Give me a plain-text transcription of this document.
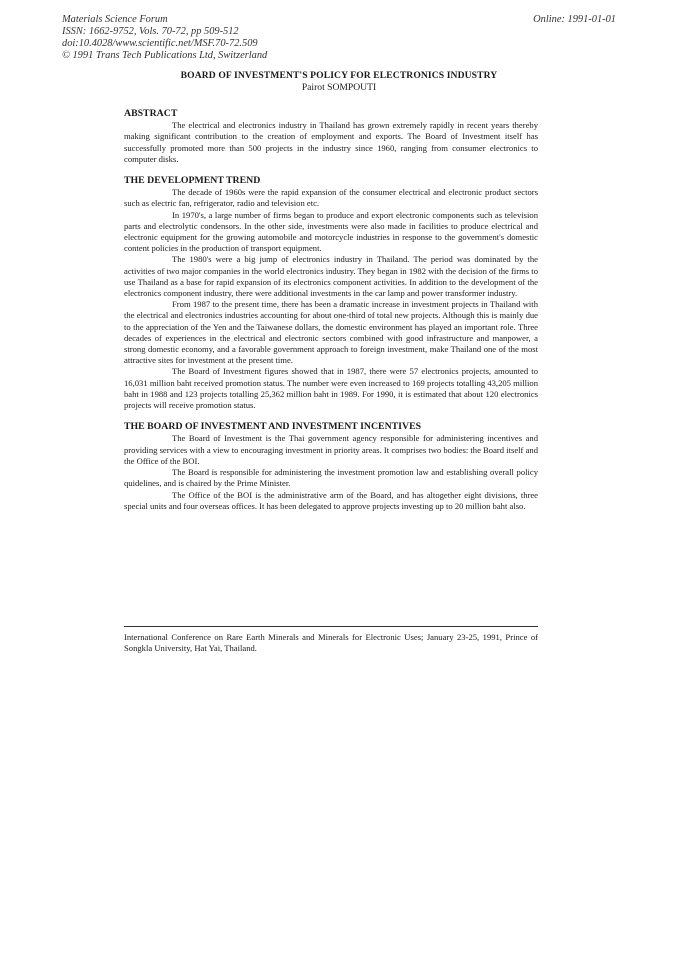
Materials Science Forum
ISSN: 1662-9752, Vols. 70-72, pp 509-512
doi:10.4028/www.scientific.net/MSF.70-72.509
© 1991 Trans Tech Publications Ltd, Switzerland
Online: 1991-01-01
BOARD OF INVESTMENT'S POLICY FOR ELECTRONICS INDUSTRY
Pairot SOMPOUTI
ABSTRACT

The electrical and electronics industry in Thailand has grown extremely rapidly in recent years thereby making significant contribution to the creation of employment and exports. The Board of Investment itself has successfully promoted more than 500 projects in the industry since 1960, ranging from consumer electronics to computer disks.

THE DEVELOPMENT TREND

The decade of 1960s were the rapid expansion of the consumer electrical and electronic product sectors such as electric fan, refrigerator, radio and television etc.

In 1970's, a large number of firms began to produce and export electronic components such as television parts and electrolytic condensors. In the other side, investments were also made in facilities to produce electrical and electronic equipment for the growing automobile and motorcycle industries in response to the government's domestic content policies in the production of transport equipment.

The 1980's were a big jump of electronics industry in Thailand. The period was dominated by the activities of two major companies in the world electronics industry. They began in 1982 with the decision of the firms to use Thailand as a base for rapid expansion of its electronics component activities. In addition to the development of the electronics component industry, there were additional investments in the car lamp and power transformer industry.

From 1987 to the present time, there has been a dramatic increase in investment projects in Thailand with the electrical and electronics industries accounting for about one-third of total new projects. Although this is mainly due to the appreciation of the Yen and the Taiwanese dollars, the domestic environment has played an important role. Three decades of experiences in the electrical and electronic sectors combined with good infrastructure and manpower, a strong domestic economy, and a favorable government approach to foreign investment, make Thailand one of the most attractive sites for investment at the present time.

The Board of Investment figures showed that in 1987, there were 57 electronics projects, amounted to 16,031 million baht received promotion status. The number were even increased to 169 projects totalling 43,205 million baht in 1988 and 123 projects totalling 25,362 million baht in 1989. For 1990, it is estimated that about 120 electronics projects will receive promotion status.

THE BOARD OF INVESTMENT AND INVESTMENT INCENTIVES

The Board of Investment is the Thai government agency responsible for administering incentives and providing services with a view to encouraging investment in priority areas. It comprises two bodies: the Board itself and the Office of the BOI.

The Board is responsible for administering the investment promotion law and establishing overall policy quidelines, and is chaired by the Prime Minister.

The Office of the BOI is the administrative arm of the Board, and has altogether eight divisions, three special units and four overseas offices. It has been delegated to approve projects investing up to 20 million baht also.

International Conference on Rare Earth Minerals and Minerals for Electronic Uses; January 23-25, 1991, Prince of Songkla University, Hat Yai, Thailand.
